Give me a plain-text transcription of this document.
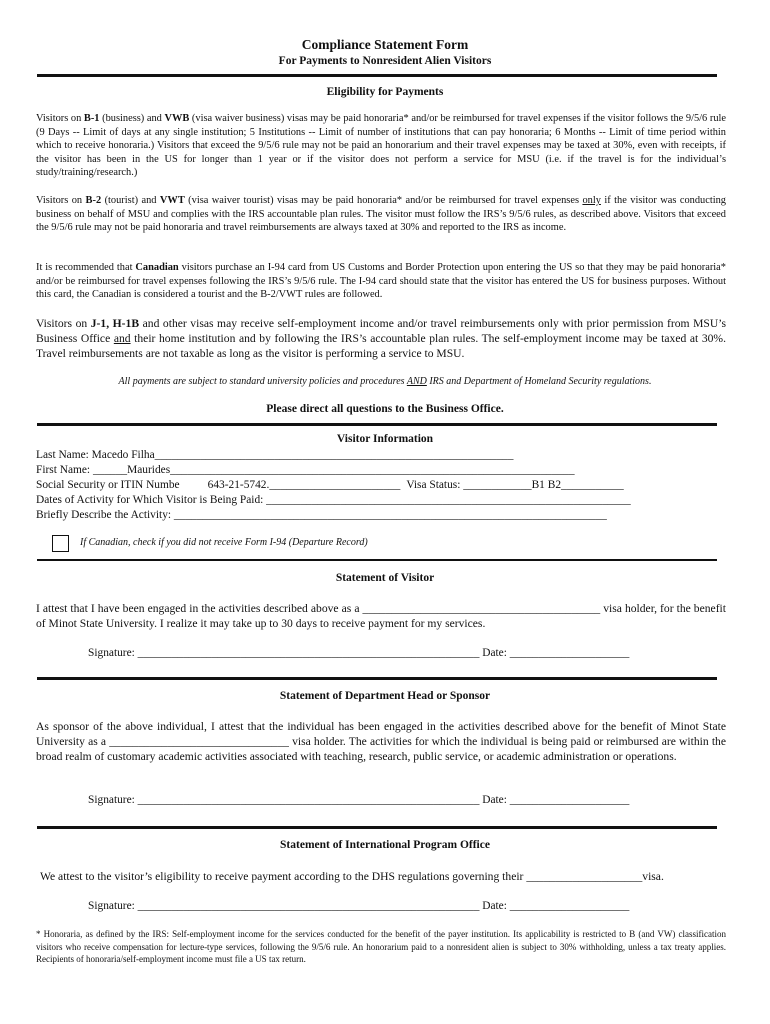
Compliance Statement Form
For Payments to Nonresident Alien Visitors
Eligibility for Payments
Visitors on B-1 (business) and VWB (visa waiver business) visas may be paid honoraria* and/or be reimbursed for travel expenses if the visitor follows the 9/5/6 rule (9 Days -- Limit of days at any single institution; 5 Institutions -- Limit of number of institutions that can pay honoraria; 6 Months -- Limit of time period within which to receive honoraria.) Visitors that exceed the 9/5/6 rule may not be paid an honorarium and their travel expenses may be taxed at 30%, even with receipts, if the visitor has been in the US for longer than 1 year or if the visitor does not perform a service for MSU (i.e. if the travel is for the individual’s study/training/research.)
Visitors on B-2 (tourist) and VWT (visa waiver tourist) visas may be paid honoraria* and/or be reimbursed for travel expenses only if the visitor was conducting business on behalf of MSU and complies with the IRS accountable plan rules. The visitor must follow the IRS’s 9/5/6 rules, as described above. Visitors that exceed the 9/5/6 rule may not be paid honoraria and travel reimbursements are always taxed at 30% and reported to the IRS as income.
It is recommended that Canadian visitors purchase an I-94 card from US Customs and Border Protection upon entering the US so that they may be paid honoraria* and/or be reimbursed for travel expenses following the IRS’s 9/5/6 rule. The I-94 card should state that the visitor has entered the US for business purposes. Without this card, the Canadian is considered a tourist and the B-2/VWT rules are followed.
Visitors on J-1, H-1B and other visas may receive self-employment income and/or travel reimbursements only with prior permission from MSU’s Business Office and their home institution and by following the IRS’s accountable plan rules. The self-employment income may be taxed at 30%. Travel reimbursements are not taxable as long as the visitor is performing a service to MSU.
All payments are subject to standard university policies and procedures AND IRS and Department of Homeland Security regulations.
Please direct all questions to the Business Office.
Visitor Information
Last Name: Macedo Filha_______________________________________________________________
First Name: ______Maurides_______________________________________________________________________
Social Security or ITIN Numbe 643-21-5742._______________________ Visa Status: ____________B1 B2___________
Dates of Activity for Which Visitor is Being Paid: ________________________________________________________________
Briefly Describe the Activity: ____________________________________________________________________________
If Canadian, check if you did not receive Form I-94 (Departure Record)
Statement of Visitor
I attest that I have been engaged in the activities described above as a _________________________________________ visa holder, for the benefit of Minot State University. I realize it may take up to 30 days to receive payment for my services.
Signature: ____________________________________________________________ Date: _____________________
Statement of Department Head or Sponsor
As sponsor of the above individual, I attest that the individual has been engaged in the activities described above for the benefit of Minot State University as a _______________________________ visa holder. The activities for which the individual is being paid or reimbursed are within the broad realm of customary academic activities associated with teaching, research, public service, or academic administration or operations.
Signature: ____________________________________________________________ Date: _____________________
Statement of International Program Office
We attest to the visitor’s eligibility to receive payment according to the DHS regulations governing their ____________________visa.
Signature: ____________________________________________________________ Date: _____________________
* Honoraria, as defined by the IRS: Self-employment income for the services conducted for the benefit of the payer institution. Its applicability is restricted to B (and VW) classification visitors who receive compensation for lecture-type services, following the 9/5/6 rule. An honorarium paid to a nonresident alien is subject to 30% withholding, unless a tax treaty applies. Recipients of honoraria/self-employment income must file a US tax return.
